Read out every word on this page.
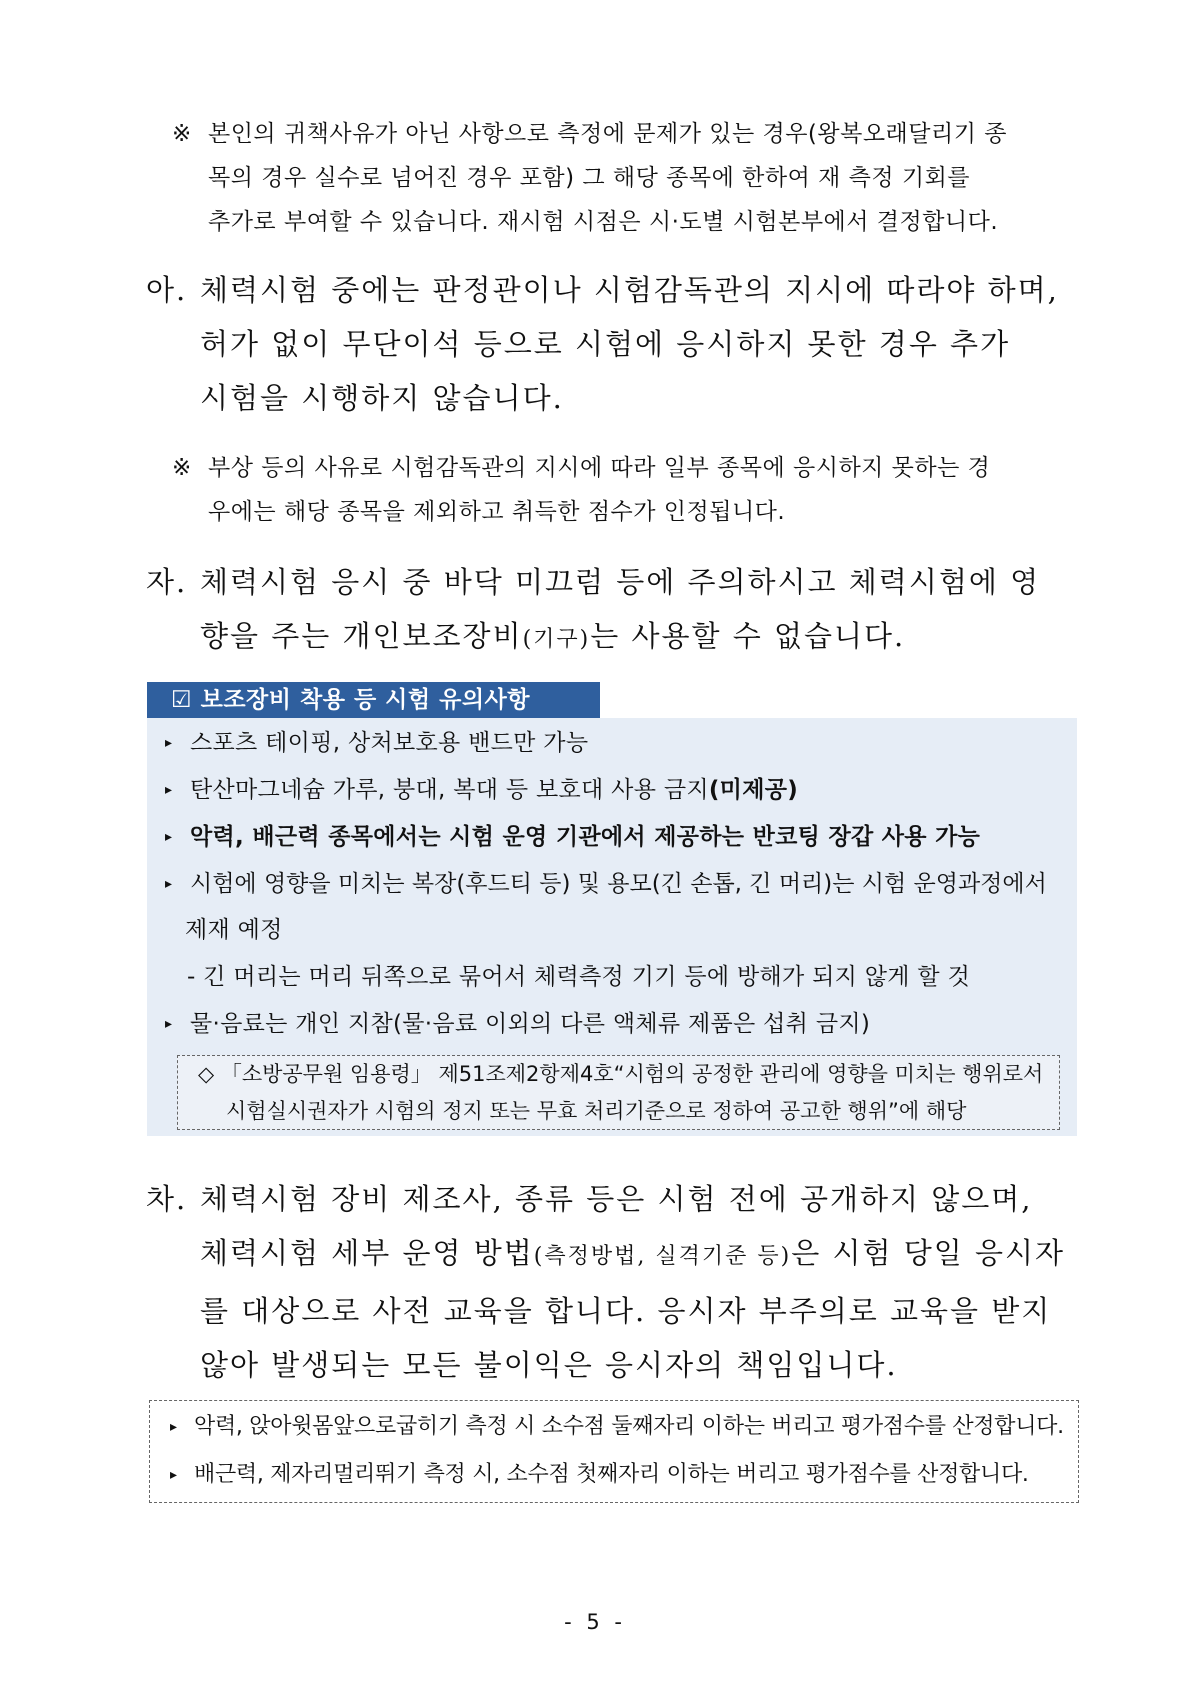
※ 본인의 귀책사유가 아닌 사항으로 측정에 문제가 있는 경우(왕복오래달리기 종
목의 경우 실수로 넘어진 경우 포함) 그 해당 종목에 한하여 재 측정 기회를
추가로 부여할 수 있습니다. 재시험 시점은 시·도별 시험본부에서 결정합니다.
아. 체력시험 중에는 판정관이나 시험감독관의 지시에 따라야 하며,
허가 없이 무단이석 등으로 시험에 응시하지 못한 경우 추가
시험을 시행하지 않습니다.
※ 부상 등의 사유로 시험감독관의 지시에 따라 일부 종목에 응시하지 못하는 경
우에는 해당 종목을 제외하고 취득한 점수가 인정됩니다.
자. 체력시험 응시 중 바닥 미끄럼 등에 주의하시고 체력시험에 영
향을 주는 개인보조장비(기구)는 사용할 수 없습니다.
☑ 보조장비 착용 등 시험 유의사항
▸ 스포츠 테이핑, 상처보호용 밴드만 가능
▸ 탄산마그네슘 가루, 붕대, 복대 등 보호대 사용 금지(미제공)
▸ 악력, 배근력 종목에서는 시험 운영 기관에서 제공하는 반코팅 장갑 사용 가능
▸ 시험에 영향을 미치는 복장(후드티 등) 및 용모(긴 손톱, 긴 머리)는 시험 운영과정에서
제재 예정
- 긴 머리는 머리 뒤쪽으로 묶어서 체력측정 기기 등에 방해가 되지 않게 할 것
▸ 물·음료는 개인 지참(물·음료 이외의 다른 액체류 제품은 섭취 금지)
◇ 「소방공무원 임용령」 제51조제2항제4호“시험의 공정한 관리에 영향을 미치는 행위로서
시험실시권자가 시험의 정지 또는 무효 처리기준으로 정하여 공고한 행위”에 해당
차. 체력시험 장비 제조사, 종류 등은 시험 전에 공개하지 않으며,
체력시험 세부 운영 방법(측정방법, 실격기준 등)은 시험 당일 응시자
를 대상으로 사전 교육을 합니다. 응시자 부주의로 교육을 받지
않아 발생되는 모든 불이익은 응시자의 책임입니다.
▸ 악력, 앉아윗몸앞으로굽히기 측정 시 소수점 둘째자리 이하는 버리고 평가점수를 산정합니다.
▸ 배근력, 제자리멀리뛰기 측정 시, 소수점 첫째자리 이하는 버리고 평가점수를 산정합니다.
- 5 -
